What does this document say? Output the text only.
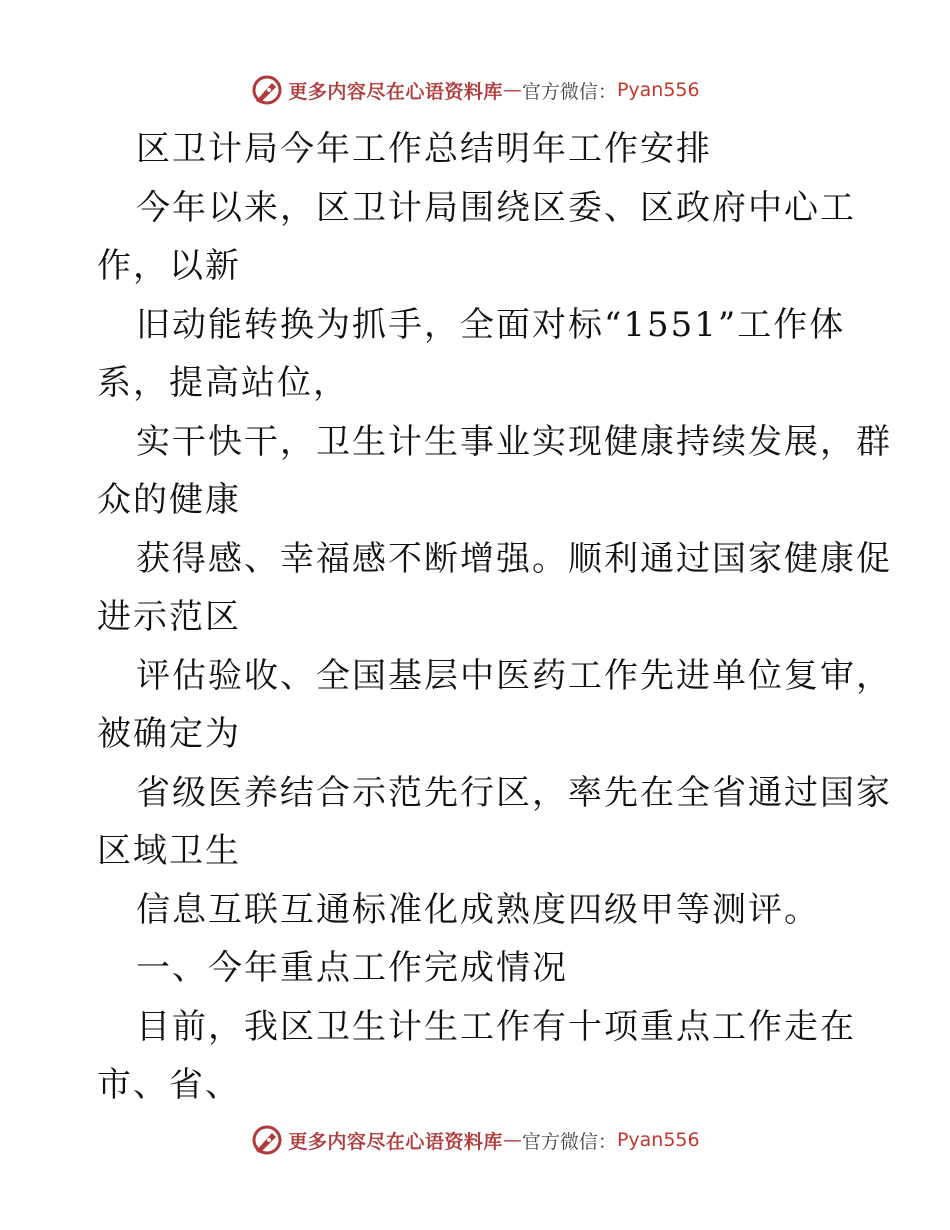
更多内容尽在心语资料库 — 官方微信： Pyan556
区卫计局今年工作总结明年工作安排
今年以来，区卫计局围绕区委、区政府中心工
作，以新
旧动能转换为抓手，全面对标“1551”工作体
系，提高站位，
实干快干，卫生计生事业实现健康持续发展，群
众的健康
获得感、幸福感不断增强。顺利通过国家健康促
进示范区
评估验收、全国基层中医药工作先进单位复审，
被确定为
省级医养结合示范先行区，率先在全省通过国家
区域卫生
信息互联互通标准化成熟度四级甲等测评。
一、今年重点工作完成情况
目前，我区卫生计生工作有十项重点工作走在
市、省、
更多内容尽在心语资料库 — 官方微信： Pyan556
